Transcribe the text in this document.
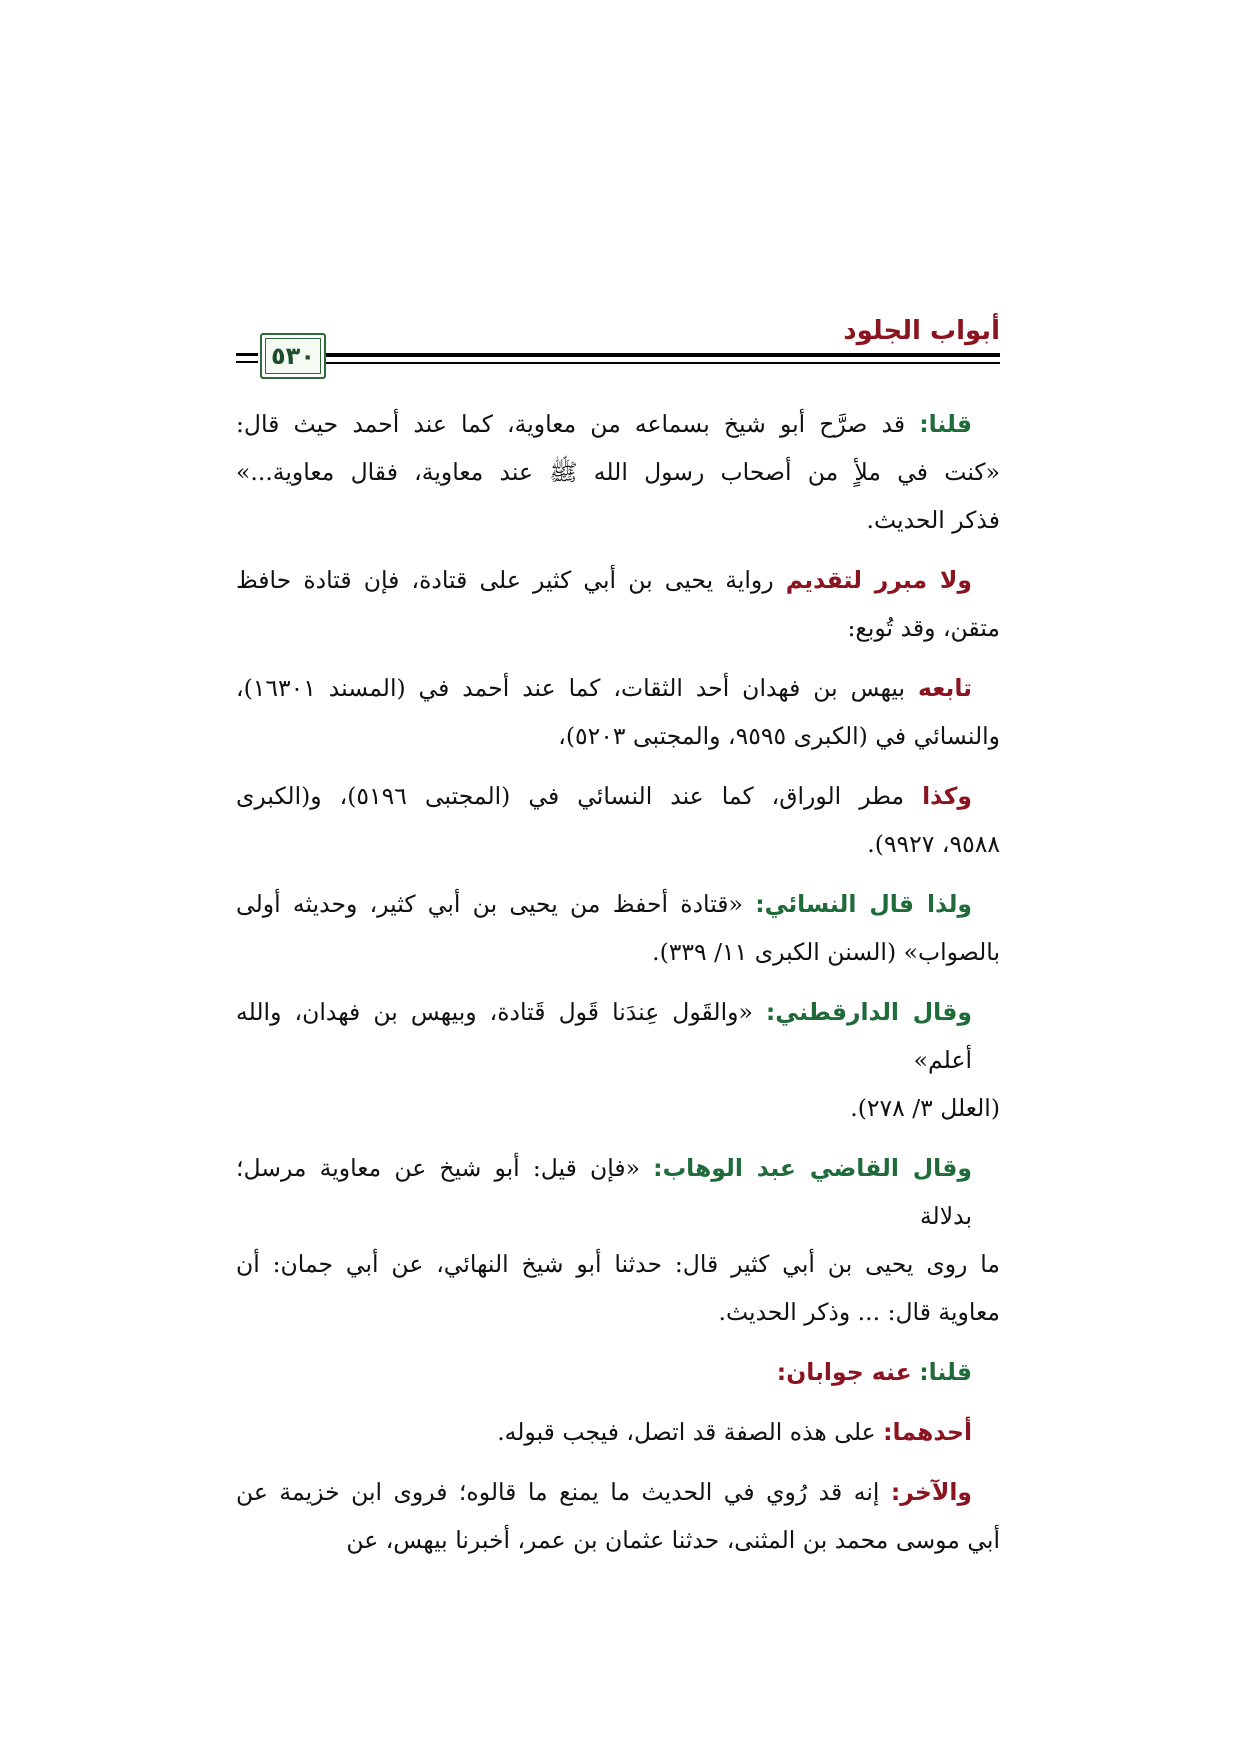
أبواب الجلود
٥٣٠
قلنا: قد صرَّح أبو شيخ بسماعه من معاوية، كما عند أحمد حيث قال:
«كنت في ملأٍ من أصحاب رسول الله ﷺ عند معاوية، فقال معاوية...»
فذكر الحديث.
ولا مبرر لتقديم رواية يحيى بن أبي كثير على قتادة، فإن قتادة حافظ
متقن، وقد تُوبع:
تابعه بيهس بن فهدان أحد الثقات، كما عند أحمد في (المسند ١٦٣٠١)،
والنسائي في (الكبرى ٩٥٩٥، والمجتبى ٥٢٠٣)،
وكذا مطر الوراق، كما عند النسائي في (المجتبى ٥١٩٦)، و(الكبرى
٩٥٨٨، ٩٩٢٧).
ولذا قال النسائي: «قتادة أحفظ من يحيى بن أبي كثير، وحديثه أولى
بالصواب» (السنن الكبرى ١١/ ٣٣٩).
وقال الدارقطني: «والقَول عِندَنا قَول قَتادة، وبيهس بن فهدان، والله أعلم»
(العلل ٣/ ٢٧٨).
وقال القاضي عبد الوهاب: «فإن قيل: أبو شيخ عن معاوية مرسل؛ بدلالة
ما روى يحيى بن أبي كثير قال: حدثنا أبو شيخ النهائي، عن أبي جمان: أن
معاوية قال: ... وذكر الحديث.
قلنا: عنه جوابان:
أحدهما: على هذه الصفة قد اتصل، فيجب قبوله.
والآخر: إنه قد رُوي في الحديث ما يمنع ما قالوه؛ فروى ابن خزيمة عن
أبي موسى محمد بن المثنى، حدثنا عثمان بن عمر، أخبرنا بيهس، عن
